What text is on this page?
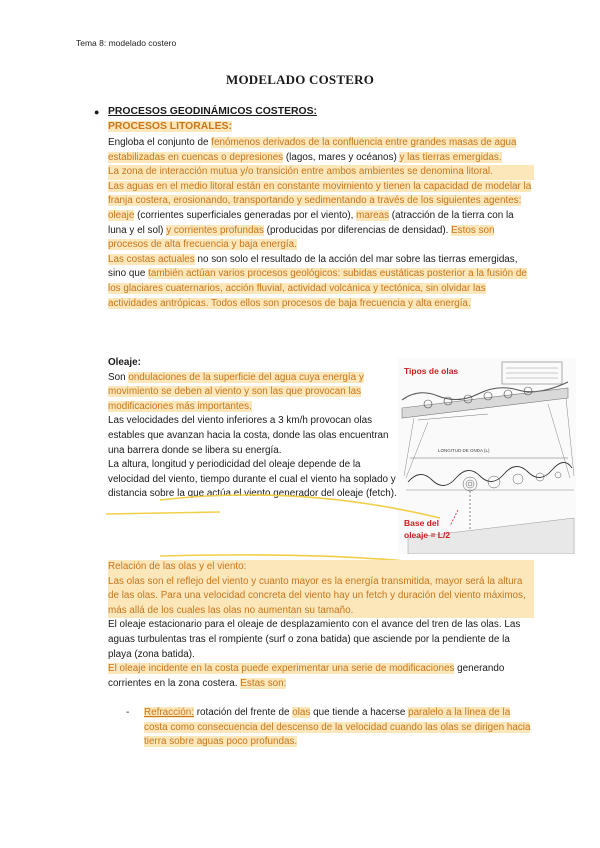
Tema 8: modelado costero
MODELADO COSTERO
● PROCESOS GEODINÁMICOS COSTEROS:
PROCESOS LITORALES:

Engloba el conjunto de fenómenos derivados de la confluencia entre grandes masas de agua estabilizadas en cuencas o depresiones (lagos, mares y océanos) y las tierras emergidas.

La zona de interacción mutua y/o transición entre ambos ambientes se denomina litoral.

Las aguas en el medio litoral están en constante movimiento y tienen la capacidad de modelar la franja costera, erosionando, transportando y sedimentando a través de los siguientes agentes: oleaje (corrientes superficiales generadas por el viento), mareas (atracción de la tierra con la luna y el sol) y corrientes profundas (producidas por diferencias de densidad). Estos son procesos de alta frecuencia y baja energía.

Las costas actuales no son solo el resultado de la acción del mar sobre las tierras emergidas, sino que también actúan varios procesos geológicos: subidas eustáticas posterior a la fusión de los glaciares cuaternarios, acción fluvial, actividad volcánica y tectónica, sin olvidar las actividades antrópicas. Todos ellos son procesos de baja frecuencia y alta energía.

Oleaje:

Son ondulaciones de la superficie del agua cuya energía y movimiento se deben al viento y son las que provocan las modificaciones más importantes.

Las velocidades del viento inferiores a 3 km/h provocan olas estables que avanzan hacia la costa, donde las olas encuentran una barrera donde se libera su energía.

La altura, longitud y periodicidad del oleaje depende de la velocidad del viento, tiempo durante el cual el viento ha soplado y distancia sobre la que actúa el viento generador del oleaje (fetch).

Tipos de olas
LONGITUD DE ONDA (L)
Base del
oleaje = L/2

Relación de las olas y el viento:

Las olas son el reflejo del viento y cuanto mayor es la energía transmitida, mayor será la altura de las olas. Para una velocidad concreta del viento hay un fetch y duración del viento máximos, más allá de los cuales las olas no aumentan su tamaño.

El oleaje estacionario para el oleaje de desplazamiento con el avance del tren de las olas. Las aguas turbulentas tras el rompiente (surf o zona batida) que asciende por la pendiente de la playa (zona batida).

El oleaje incidente en la costa puede experimentar una serie de modificaciones generando corrientes en la zona costera. Estas son:

- Refracción: rotación del frente de olas que tiende a hacerse paralelo a la línea de la costa como consecuencia del descenso de la velocidad cuando las olas se dirigen hacia tierra sobre aguas poco profundas.
